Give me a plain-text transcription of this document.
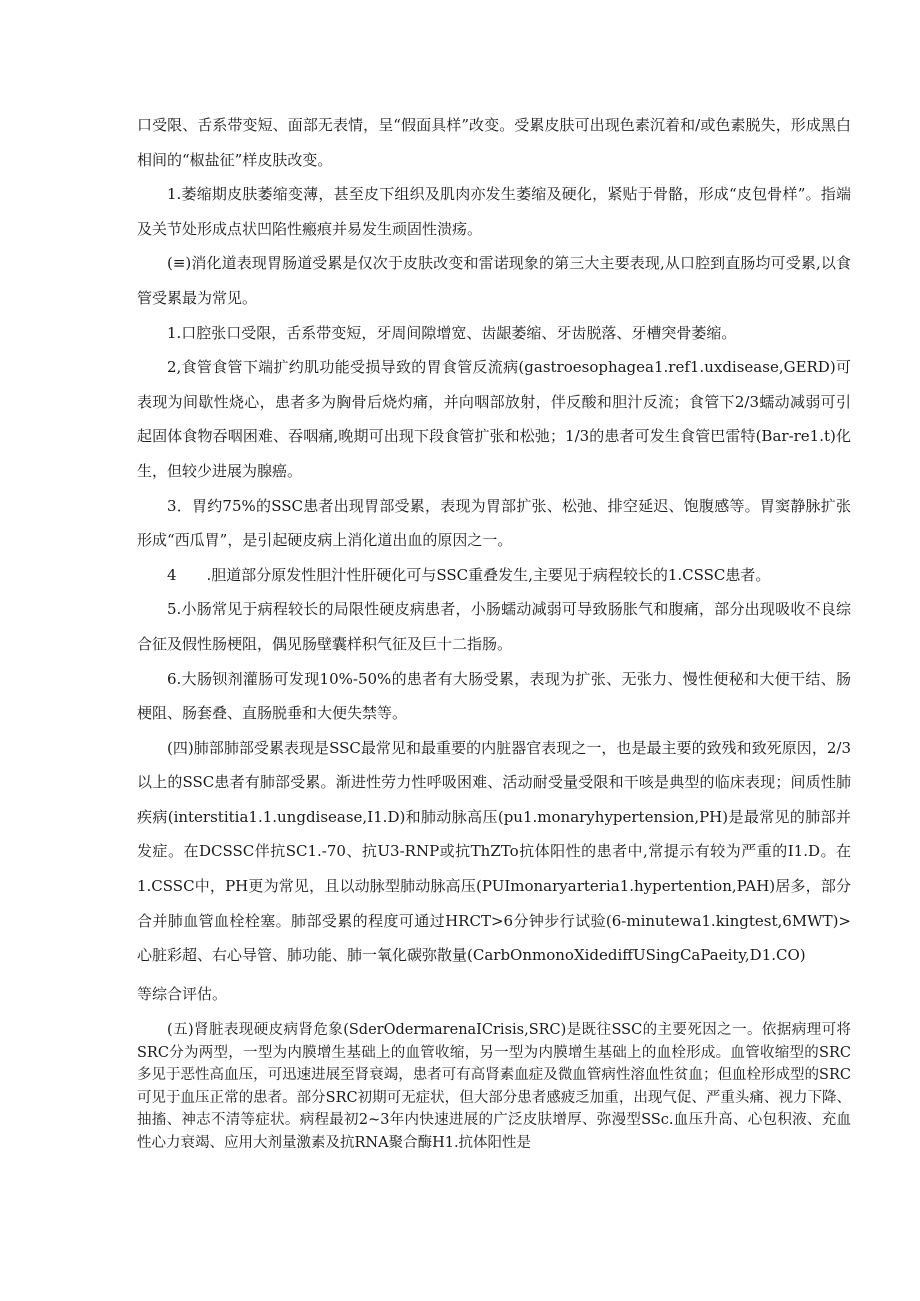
口受限、舌系带变短、面部无表情，呈“假面具样”改变。受累皮肤可出现色素沉着和/或色素脱失，形成黑白相间的“椒盐征”样皮肤改变。

1.萎缩期皮肤萎缩变薄，甚至皮下组织及肌肉亦发生萎缩及硬化，紧贴于骨骼，形成“皮包骨样”。指端及关节处形成点状凹陷性瘢痕并易发生顽固性溃疡。

(≡)消化道表现胃肠道受累是仅次于皮肤改变和雷诺现象的第三大主要表现,从口腔到直肠均可受累,以食管受累最为常见。

1.口腔张口受限，舌系带变短，牙周间隙增宽、齿龈萎缩、牙齿脱落、牙槽突骨萎缩。

2,食管食管下端扩约肌功能受损导致的胃食管反流病(gastroesophagea1.ref1.uxdisease,GERD)可表现为间歇性烧心，患者多为胸骨后烧灼痛，并向咽部放射，伴反酸和胆汁反流；食管下2/3蠕动减弱可引起固体食物吞咽困难、吞咽痛,晚期可出现下段食管扩张和松弛；1/3的患者可发生食管巴雷特(Bar-re1.t)化生，但较少进展为腺癌。

3．胃约75%的SSC患者出现胃部受累，表现为胃部扩张、松弛、排空延迟、饱腹感等。胃窦静脉扩张形成“西瓜胃”，是引起硬皮病上消化道出血的原因之一。

4　　.胆道部分原发性胆汁性肝硬化可与SSC重叠发生,主要见于病程较长的1.CSSC患者。

5.小肠常见于病程较长的局限性硬皮病患者，小肠蠕动减弱可导致肠胀气和腹痛，部分出现吸收不良综合征及假性肠梗阻，偶见肠壁囊样积气征及巨十二指肠。

6.大肠钡剂灌肠可发现10%-50%的患者有大肠受累，表现为扩张、无张力、慢性便秘和大便干结、肠梗阻、肠套叠、直肠脱垂和大便失禁等。

(四)肺部肺部受累表现是SSC最常见和最重要的内脏器官表现之一，也是最主要的致残和致死原因，2/3以上的SSC患者有肺部受累。渐进性劳力性呼吸困难、活动耐受量受限和干咳是典型的临床表现；间质性肺疾病(interstitia1.1.ungdisease,I1.D)和肺动脉高压(pu1.monaryhypertension,PH)是最常见的肺部并发症。在DCSSC伴抗SC1.-70、抗U3-RNP或抗ThZTo抗体阳性的患者中,常提示有较为严重的I1.D。在1.CSSC中，PH更为常见，且以动脉型肺动脉高压(PUImonaryarteria1.hypertention,PAH)居多，部分合并肺血管血栓栓塞。肺部受累的程度可通过HRCT>6分钟步行试验(6-minutewa1.kingtest,6MWT)>心脏彩超、右心导管、肺功能、肺一氧化碳弥散量(CarbOnmonoXidediffUSingCaPaeity,D1.CO)

等综合评估。

(五)肾脏表现硬皮病肾危象(SderOdermarenaICrisis,SRC)是既往SSC的主要死因之一。依据病理可将SRC分为两型，一型为内膜增生基础上的血管收缩，另一型为内膜增生基础上的血栓形成。血管收缩型的SRC多见于恶性高血压，可迅速进展至肾衰竭，患者可有高肾素血症及微血管病性溶血性贫血；但血栓形成型的SRC可见于血压正常的患者。部分SRC初期可无症状，但大部分患者感疲乏加重，出现气促、严重头痛、视力下降、抽搐、神志不清等症状。病程最初2~3年内快速进展的广泛皮肤增厚、弥漫型SSc.血压升高、心包积液、充血性心力衰竭、应用大剂量激素及抗RNA聚合酶H1.抗体阳性是
